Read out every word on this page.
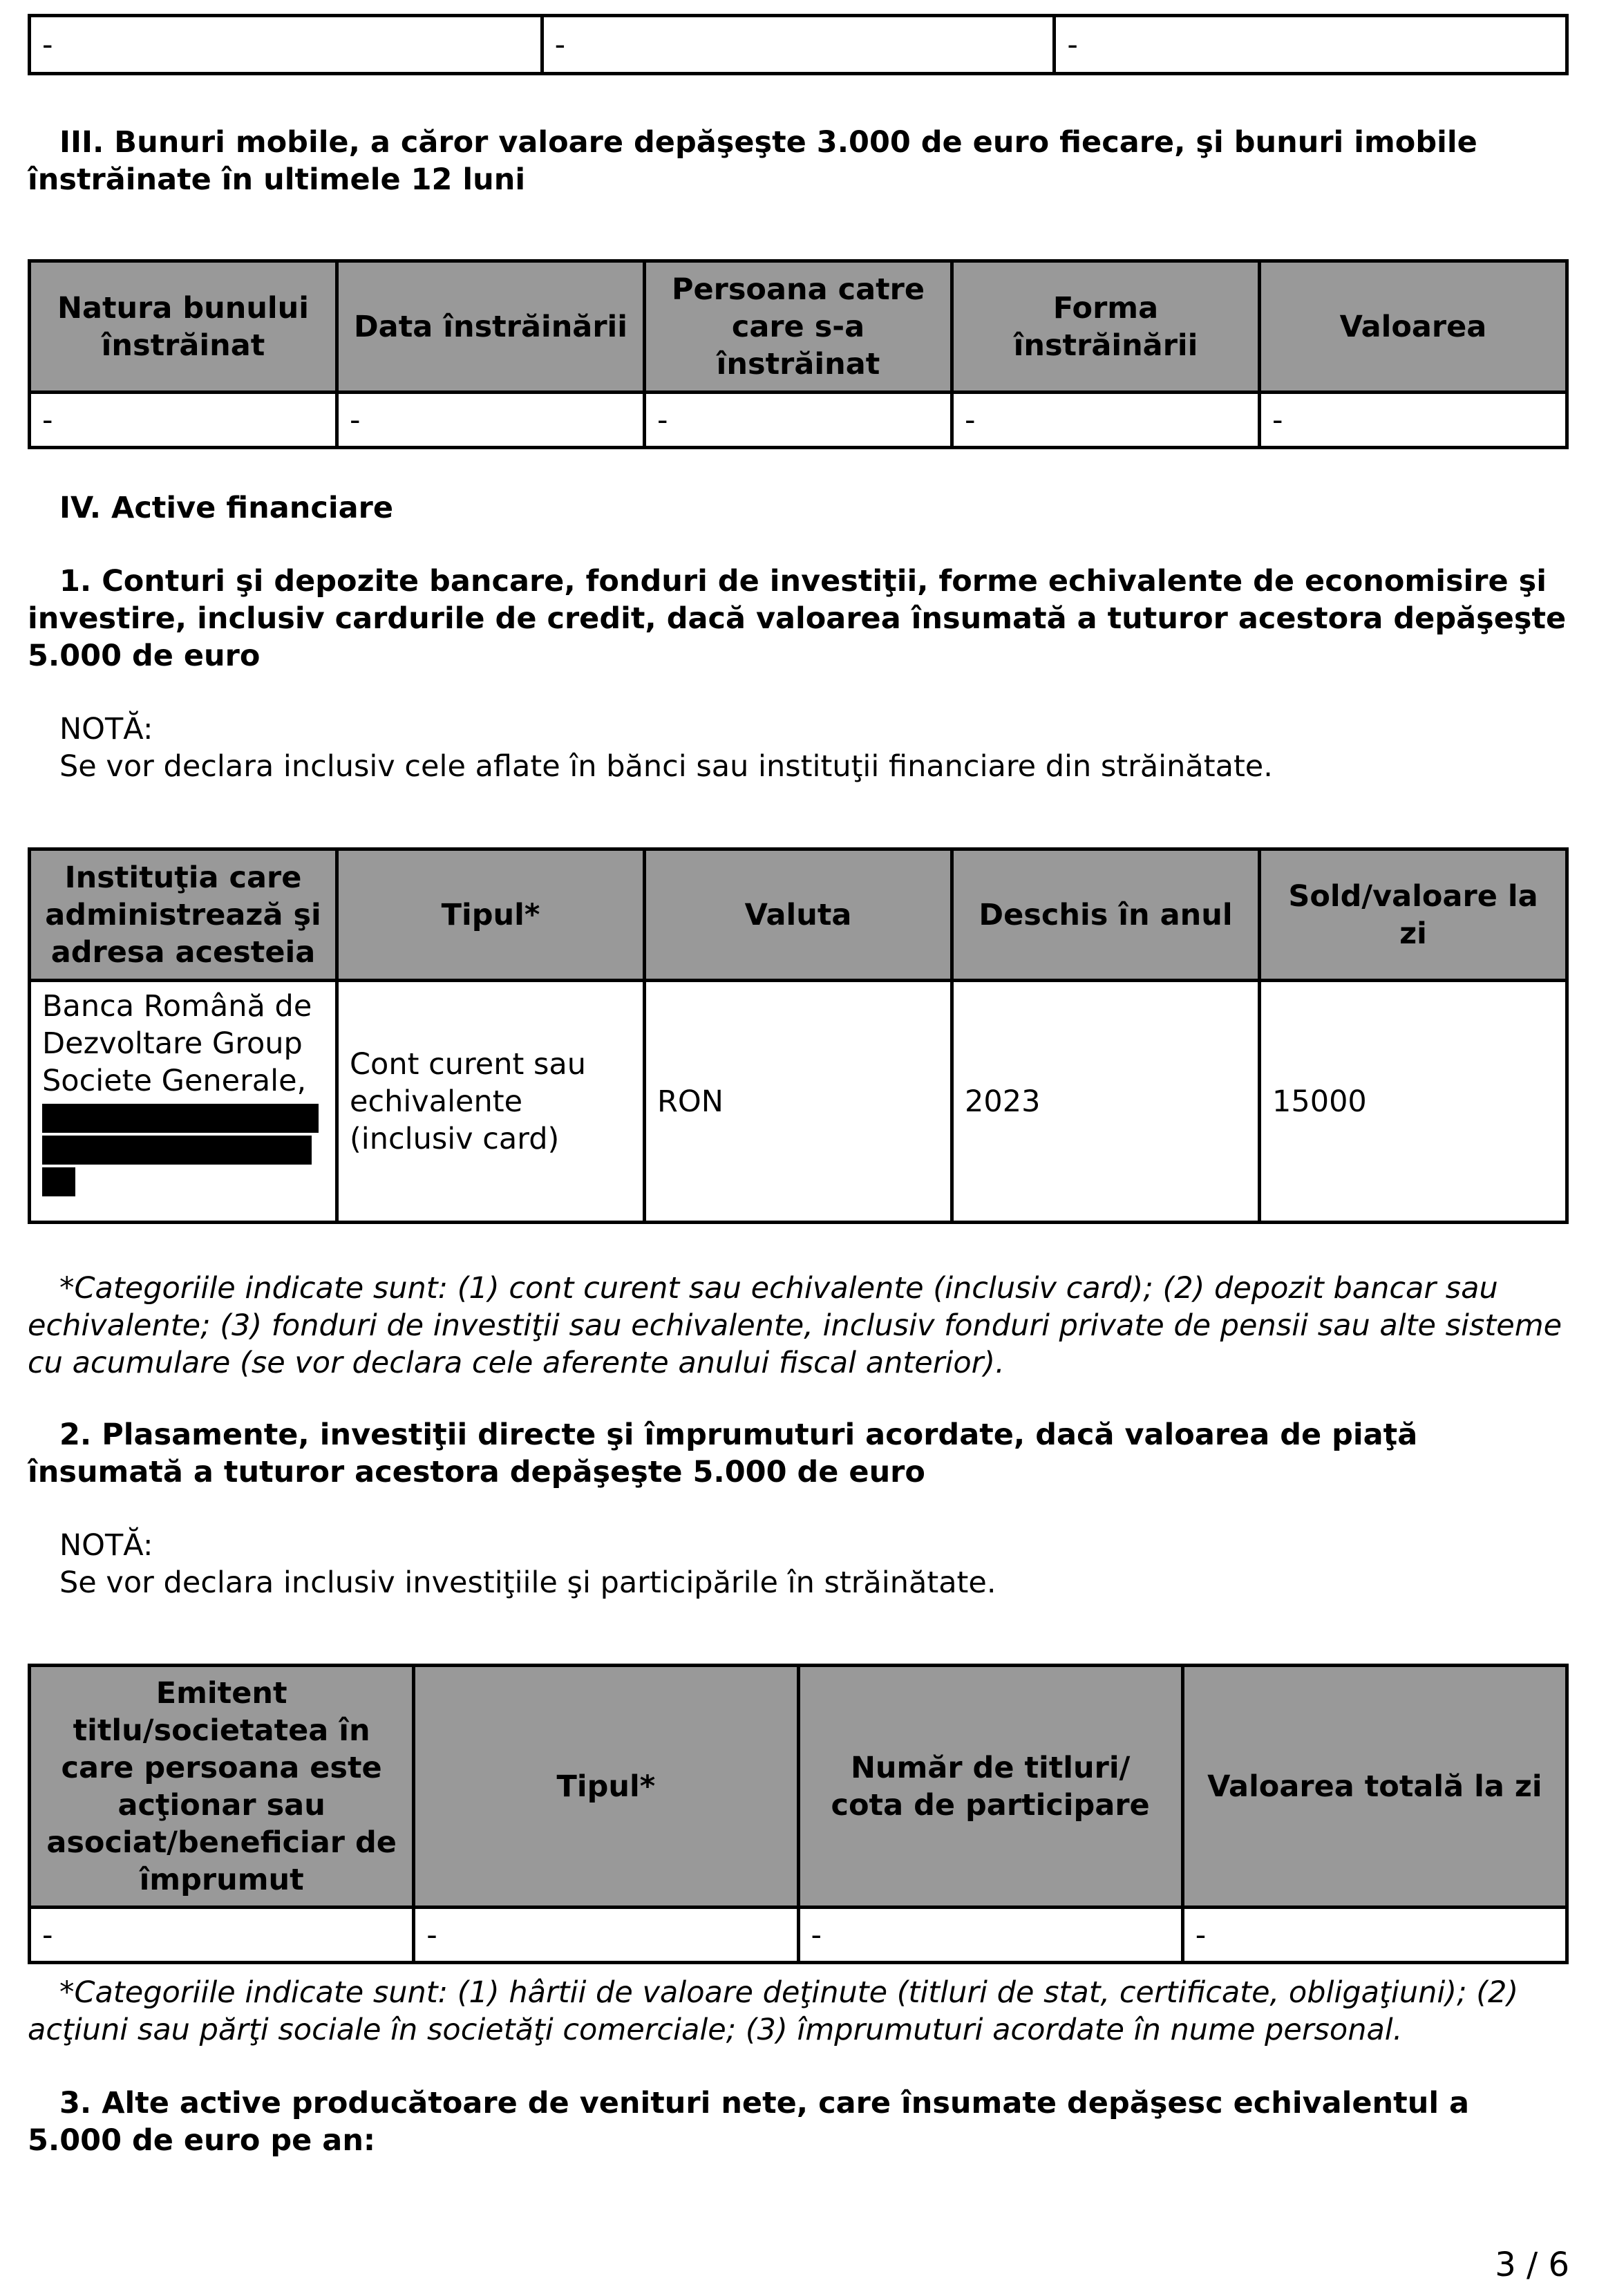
-	-	-

III. Bunuri mobile, a căror valoare depăşeşte 3.000 de euro fiecare, şi bunuri imobile înstrăinate în ultimele 12 luni

Natura bunului înstrăinat	Data înstrăinării	Persoana catre care s-a înstrăinat	Forma înstrăinării	Valoarea
-	-	-	-	-

IV. Active financiare

1. Conturi şi depozite bancare, fonduri de investiţii, forme echivalente de economisire şi investire, inclusiv cardurile de credit, dacă valoarea însumată a tuturor acestora depăşeşte 5.000 de euro

NOTĂ:

Se vor declara inclusiv cele aflate în bănci sau instituţii financiare din străinătate.

Instituţia care administrează şi adresa acesteia	Tipul*	Valuta	Deschis în anul	Sold/valoare la zi
Banca Română de Dezvoltare Group Societe Generale,	Cont curent sau echivalente (inclusiv card)	RON	2023	15000

*Categoriile indicate sunt: (1) cont curent sau echivalente (inclusiv card); (2) depozit bancar sau echivalente; (3) fonduri de investiţii sau echivalente, inclusiv fonduri private de pensii sau alte sisteme cu acumulare (se vor declara cele aferente anului fiscal anterior).

2. Plasamente, investiţii directe şi împrumuturi acordate, dacă valoarea de piaţă însumată a tuturor acestora depăşeşte 5.000 de euro

NOTĂ:

Se vor declara inclusiv investiţiile şi participările în străinătate.

Emitent titlu/societatea în care persoana este acţionar sau asociat/beneficiar de împrumut	Tipul*	Număr de titluri/ cota de participare	Valoarea totală la zi
-	-	-	-

*Categoriile indicate sunt: (1) hârtii de valoare deţinute (titluri de stat, certificate, obligaţiuni); (2) acţiuni sau părţi sociale în societăţi comerciale; (3) împrumuturi acordate în nume personal.

3. Alte active producătoare de venituri nete, care însumate depăşesc echivalentul a 5.000 de euro pe an:

3 / 6
